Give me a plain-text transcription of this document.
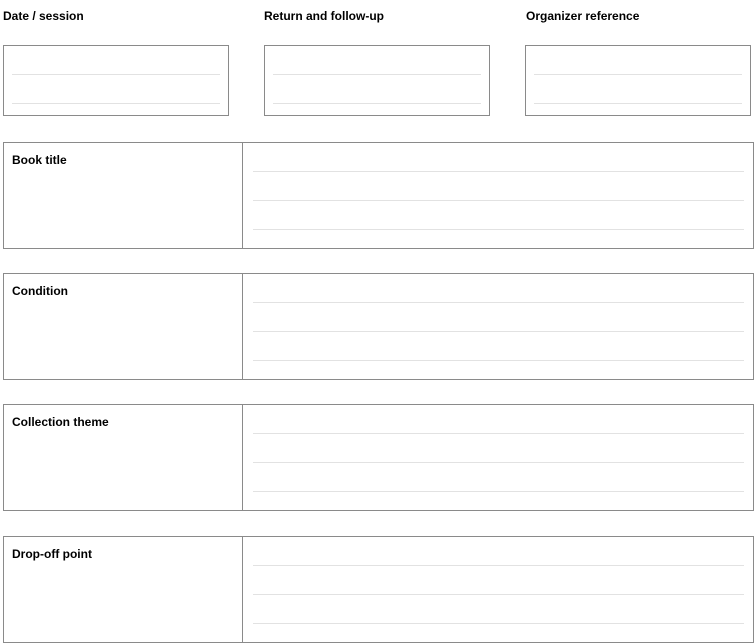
Date / session	Return and follow-up	Organizer reference
Book title
Condition
Collection theme
Drop-off point
